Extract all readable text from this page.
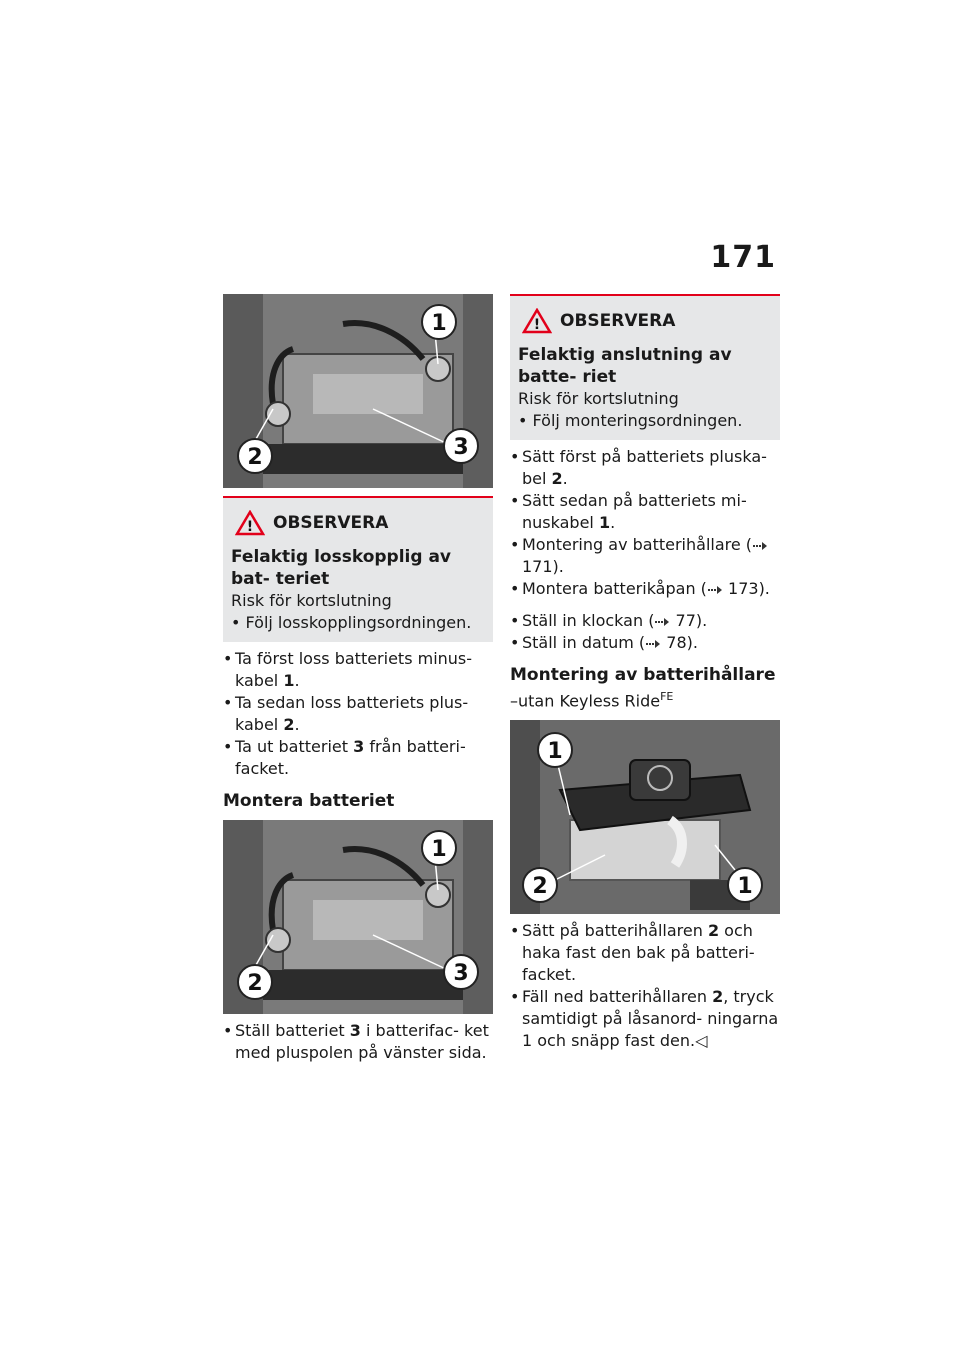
171
1
2	3
! OBSERVERA
Felaktig losskopplig av bat- teriet
Risk för kortslutning
• Följ losskopplingsordningen.
• Ta först loss batteriets minus- kabel 1.
• Ta sedan loss batteriets plus- kabel 2.
• Ta ut batteriet 3 från batteri- facket.
Montera batteriet
1
2	3
• Ställ batteriet 3 i batterifac- ket med pluspolen på vänster sida.
! OBSERVERA
Felaktig anslutning av batte- riet
Risk för kortslutning
• Följ monteringsordningen.
• Sätt först på batteriets pluska- bel 2.
• Sätt sedan på batteriets mi- nuskabel 1.
• Montering av batterihållare ( 171).
• Montera batterikåpan ( 173).
• Ställ in klockan ( 77).
• Ställ in datum ( 78).
Montering av batterihållare
–utan Keyless Ride$^{FE}$
1
2	1
• Sätt på batterihållaren 2 och haka fast den bak på batteri- facket.
• Fäll ned batterihållaren 2, tryck samtidigt på låsanord- ningarna 1 och snäpp fast den.◁
